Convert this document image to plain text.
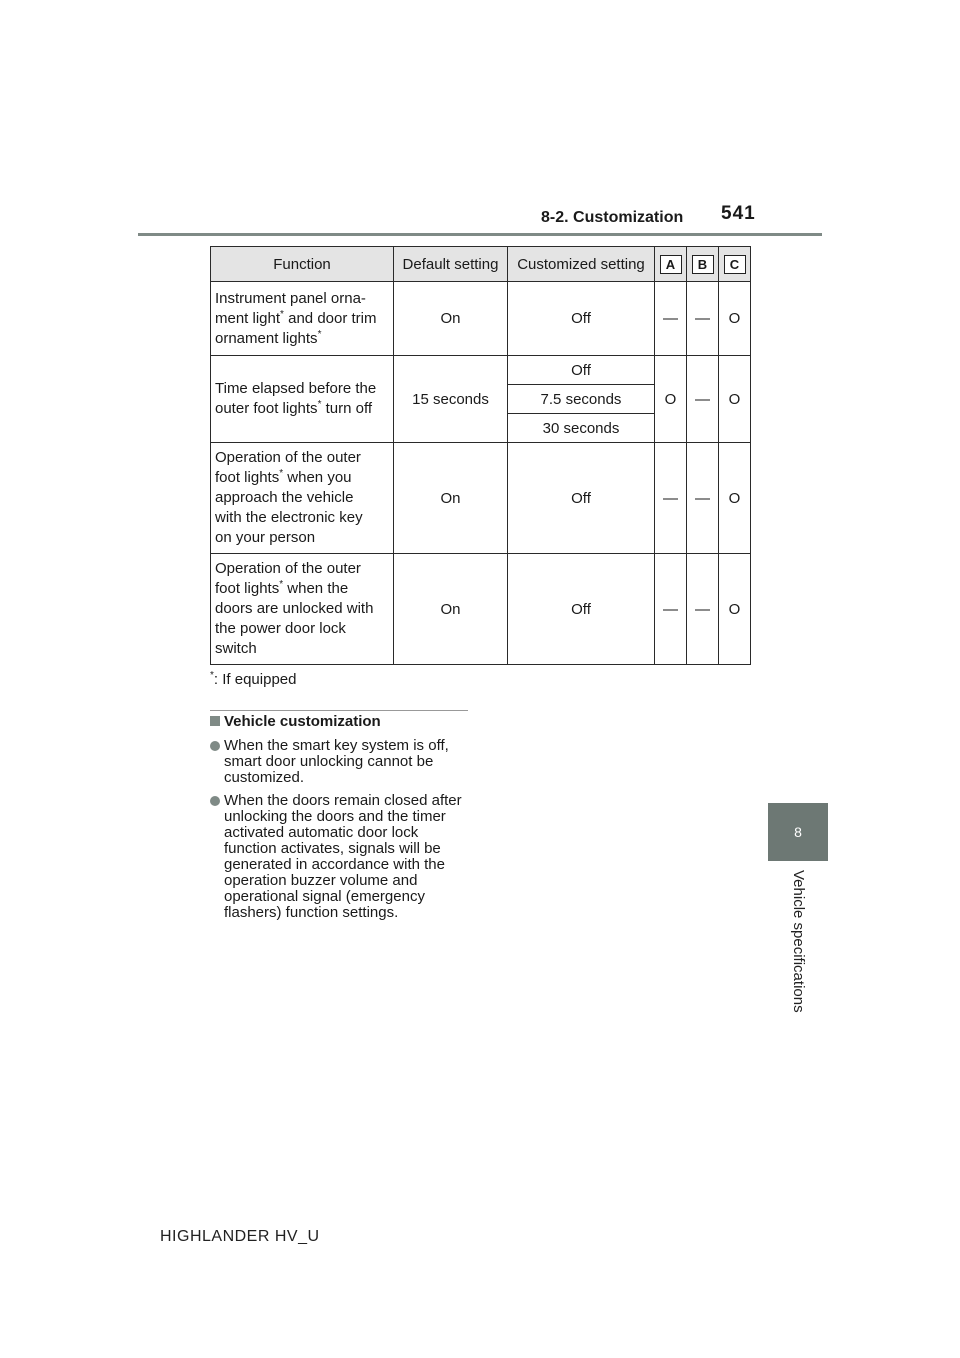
8-2. Customization 541
8
Vehicle specifications
Function	Default setting	Customized setting	A	B	C
Instrument panel orna-
ment light* and door trim
ornament lights*	On	Off	—	—	O
Time elapsed before the
outer foot lights* turn off	15 seconds	Off	O	—	O
		7.5 seconds			
		30 seconds			
Operation of the outer
foot lights* when you
approach the vehicle
with the electronic key
on your person	On	Off	—	—	O
Operation of the outer
foot lights* when the
doors are unlocked with
the power door lock
switch	On	Off	—	—	O
*: If equipped
Vehicle customization
When the smart key system is off, smart door unlocking cannot be customized.
When the doors remain closed after unlocking the doors and the timer activated automatic door lock function activates, signals will be generated in accordance with the operation buzzer volume and operational signal (emergency flashers) function settings.
HIGHLANDER HV_U
